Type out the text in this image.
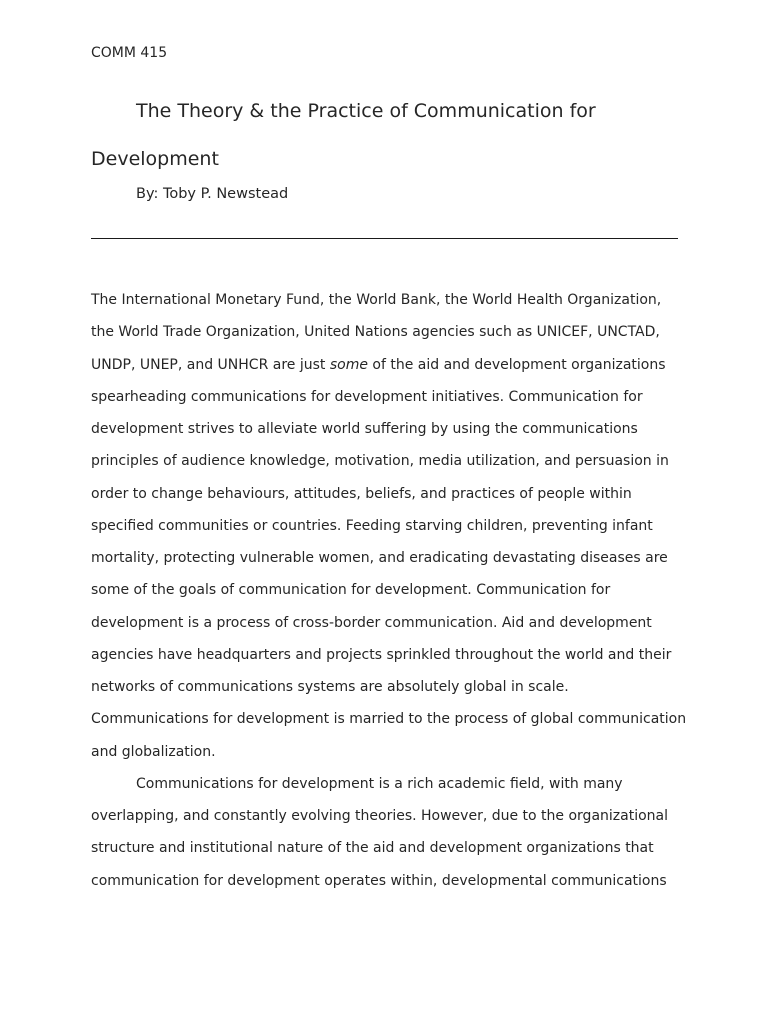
COMM 415
The Theory & the Practice of Communication for Development
By: Toby P. Newstead
The International Monetary Fund, the World Bank, the World Health Organization,
the World Trade Organization, United Nations agencies such as UNICEF, UNCTAD,
UNDP, UNEP, and UNHCR are just some of the aid and development organizations
spearheading communications for development initiatives. Communication for
development strives to alleviate world suffering by using the communications
principles of audience knowledge, motivation, media utilization, and persuasion in
order to change behaviours, attitudes, beliefs, and practices of people within
specified communities or countries. Feeding starving children, preventing infant
mortality, protecting vulnerable women, and eradicating devastating diseases are
some of the goals of communication for development. Communication for
development is a process of cross-border communication. Aid and development
agencies have headquarters and projects sprinkled throughout the world and their
networks of communications systems are absolutely global in scale.
Communications for development is married to the process of global communication
and globalization.
Communications for development is a rich academic field, with many
overlapping, and constantly evolving theories. However, due to the organizational
structure and institutional nature of the aid and development organizations that
communication for development operates within, developmental communications
